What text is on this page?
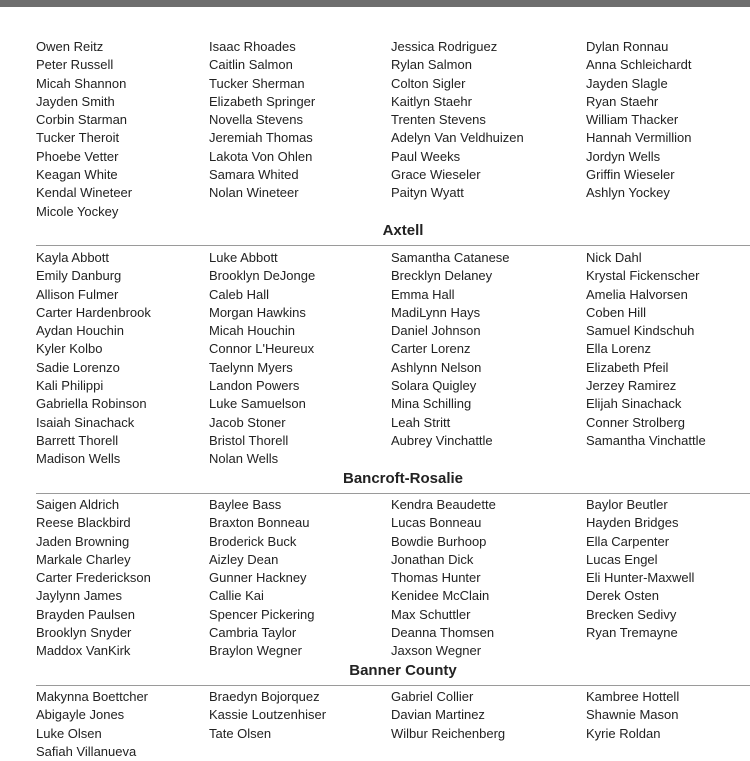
Owen Reitz
Peter Russell
Micah Shannon
Jayden Smith
Corbin Starman
Tucker Theroit
Phoebe Vetter
Keagan White
Kendal Wineteer
Micole Yockey
Isaac Rhoades
Caitlin Salmon
Tucker Sherman
Elizabeth Springer
Novella Stevens
Jeremiah Thomas
Lakota Von Ohlen
Samara Whited
Nolan Wineteer
Jessica Rodriguez
Rylan Salmon
Colton Sigler
Kaitlyn Staehr
Trenten Stevens
Adelyn Van Veldhuizen
Paul Weeks
Grace Wieseler
Paityn Wyatt
Dylan Ronnau
Anna Schleichardt
Jayden Slagle
Ryan Staehr
William Thacker
Hannah Vermillion
Jordyn Wells
Griffin Wieseler
Ashlyn Yockey
Axtell
Kayla Abbott
Emily Danburg
Allison Fulmer
Carter Hardenbrook
Aydan Houchin
Kyler Kolbo
Sadie Lorenzo
Kali Philippi
Gabriella Robinson
Isaiah Sinachack
Barrett Thorell
Madison Wells
Luke Abbott
Brooklyn DeJonge
Caleb Hall
Morgan Hawkins
Micah Houchin
Connor L'Heureux
Taelynn Myers
Landon Powers
Luke Samuelson
Jacob Stoner
Bristol Thorell
Nolan Wells
Samantha Catanese
Brecklyn Delaney
Emma Hall
MadiLynn Hays
Daniel Johnson
Carter Lorenz
Ashlynn Nelson
Solara Quigley
Mina Schilling
Leah Stritt
Aubrey Vinchattle
Nick Dahl
Krystal Fickenscher
Amelia Halvorsen
Coben Hill
Samuel Kindschuh
Ella Lorenz
Elizabeth Pfeil
Jerzey Ramirez
Elijah Sinachack
Conner Strolberg
Samantha Vinchattle
Bancroft-Rosalie
Saigen Aldrich
Reese Blackbird
Jaden Browning
Markale Charley
Carter Frederickson
Jaylynn James
Brayden Paulsen
Brooklyn Snyder
Maddox VanKirk
Baylee Bass
Braxton Bonneau
Broderick Buck
Aizley Dean
Gunner Hackney
Callie Kai
Spencer Pickering
Cambria Taylor
Braylon Wegner
Kendra Beaudette
Lucas Bonneau
Bowdie Burhoop
Jonathan Dick
Thomas Hunter
Kenidee McClain
Max Schuttler
Deanna Thomsen
Jaxson Wegner
Baylor Beutler
Hayden Bridges
Ella Carpenter
Lucas Engel
Eli Hunter-Maxwell
Derek Osten
Brecken Sedivy
Ryan Tremayne
Banner County
Makynna Boettcher
Abigayle Jones
Luke Olsen
Safiah Villanueva
Braedyn Bojorquez
Kassie Loutzenhiser
Tate Olsen
Gabriel Collier
Davian Martinez
Wilbur Reichenberg
Kambree Hottell
Shawnie Mason
Kyrie Roldan
